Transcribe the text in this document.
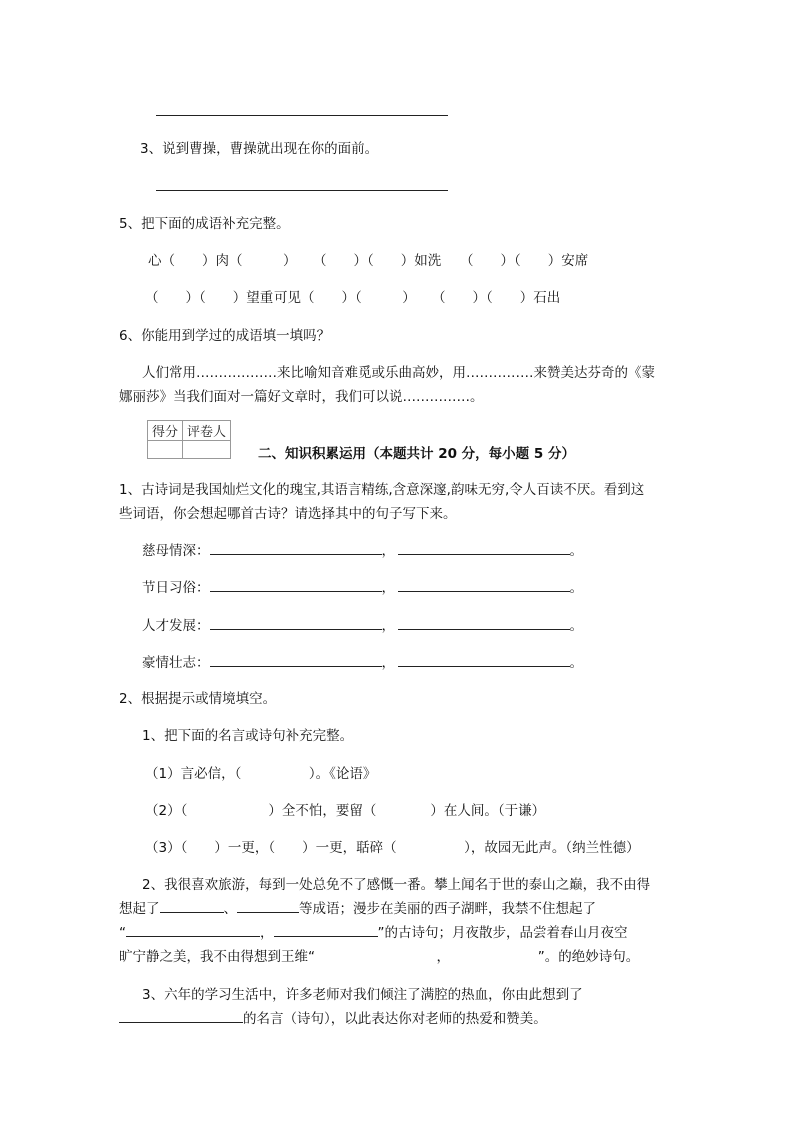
3、说到曹操，曹操就出现在你的面前。
5、把下面的成语补充完整。
心（　　）肉（　　　） （　　）（　　）如洗 （　　）（　　）安席
（　　）（　　）望重 可见（　　）（　　　） （　　）（　　）石出
6、你能用到学过的成语填一填吗？
人们常用………………来比喻知音难觅或乐曲高妙，用……………来赞美达芬奇的《蒙
娜丽莎》当我们面对一篇好文章时，我们可以说……………。
得分	评卷人

二、知识积累运用（本题共计 20 分，每小题 5 分）
1、古诗词是我国灿烂文化的瑰宝,其语言精练,含意深邃,韵味无穷,令人百读不厌。看到这
些词语，你会想起哪首古诗？请选择其中的句子写下来。
慈母情深：	，	。
节日习俗：	，	。
人才发展：	，	。
豪情壮志：	，	。
2、根据提示或情境填空。
1、把下面的名言或诗句补充完整。
（1）言必信，（　　　　　）。《论语》
（2）（　　　　　　）全不怕，要留（　　　　）在人间。（于谦）
（3）（　　）一更，（　　）一更，聒碎（　　　　　），故园无此声。（纳兰性德）
2、我很喜欢旅游，每到一处总免不了感慨一番。攀上闻名于世的泰山之巅，我不由得
想起了	、	等成语；漫步在美丽的西子湖畔，我禁不住想起了
“	，	”的古诗句；月夜散步，品尝着春山月夜空
旷宁静之美，我不由得想到王维“　　　　　　　　　，　　　　　　　”。的绝妙诗句。
3、六年的学习生活中，许多老师对我们倾注了满腔的热血，你由此想到了
的名言（诗句），以此表达你对老师的热爱和赞美。
